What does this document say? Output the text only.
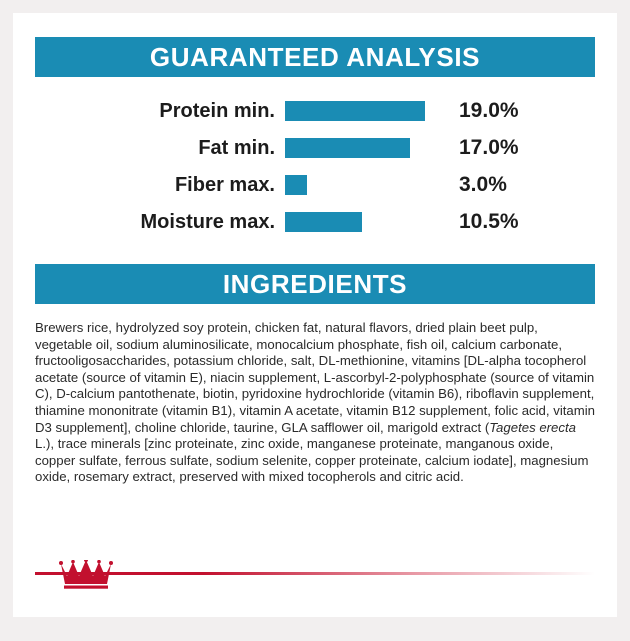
GUARANTEED ANALYSIS
Protein min.	19.0%
Fat min.	17.0%
Fiber max.	3.0%
Moisture max.	10.5%
INGREDIENTS

Brewers rice, hydrolyzed soy protein, chicken fat, natural flavors, dried plain beet pulp, vegetable oil, sodium aluminosilicate, monocalcium phosphate, fish oil, calcium carbonate, fructooligosaccharides, potassium chloride, salt, DL-methionine, vitamins [DL-alpha tocopherol acetate (source of vitamin E), niacin supplement, L-ascorbyl-2-polyphosphate (source of vitamin C), D-calcium pantothenate, biotin, pyridoxine hydrochloride (vitamin B6), riboflavin supplement, thiamine mononitrate (vitamin B1), vitamin A acetate, vitamin B12 supplement, folic acid, vitamin D3 supplement], choline chloride, taurine, GLA safflower oil, marigold extract (Tagetes erecta L.), trace minerals [zinc proteinate, zinc oxide, manganese proteinate, manganous oxide, copper sulfate, ferrous sulfate, sodium selenite, copper proteinate, calcium iodate], magnesium oxide, rosemary extract, preserved with mixed tocopherols and citric acid.
